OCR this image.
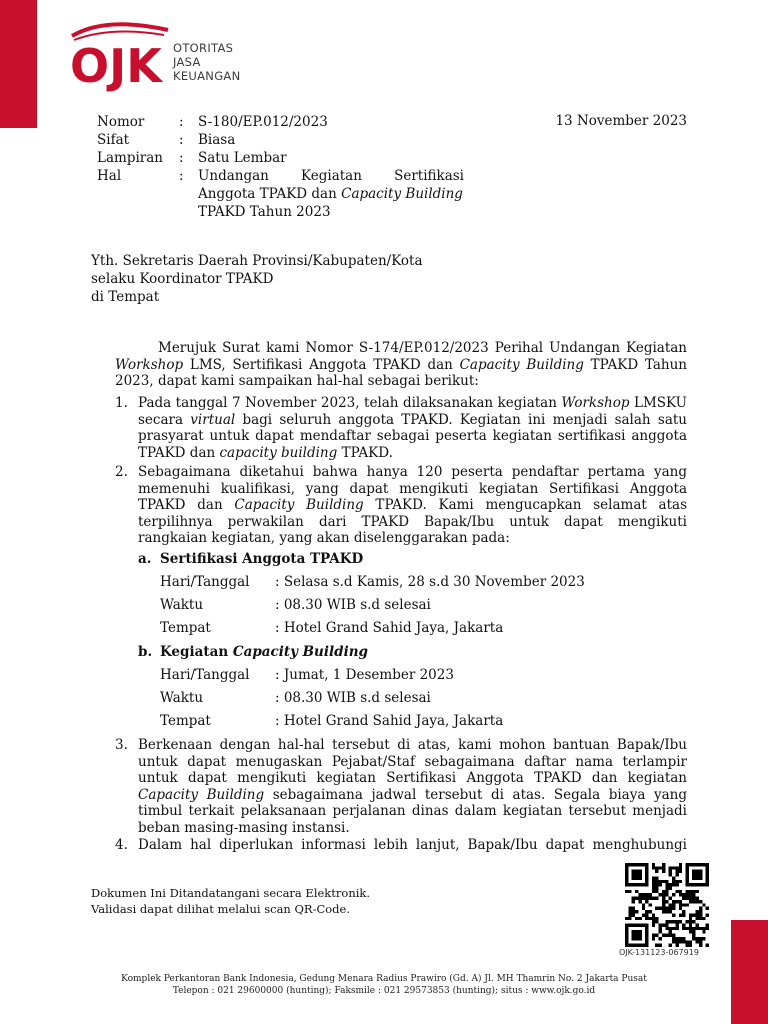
OJK OTORITAS
JASA
KEUANGAN
Nomor	: S-180/EP.012/2023
Sifat	: Biasa
Lampiran	: Satu Lembar
Hal	: Undangan Kegiatan Sertifikasi
Anggota TPAKD dan Capacity Building
TPAKD Tahun 2023
13 November 2023
Yth. Sekretaris Daerah Provinsi/Kabupaten/Kota
selaku Koordinator TPAKD
di Tempat
Merujuk Surat kami Nomor S-174/EP.012/2023 Perihal Undangan Kegiatan
Workshop LMS, Sertifikasi Anggota TPAKD dan Capacity Building TPAKD Tahun
2023, dapat kami sampaikan hal-hal sebagai berikut:
1. Pada tanggal 7 November 2023, telah dilaksanakan kegiatan Workshop LMSKU
secara virtual bagi seluruh anggota TPAKD. Kegiatan ini menjadi salah satu
prasyarat untuk dapat mendaftar sebagai peserta kegiatan sertifikasi anggota
TPAKD dan capacity building TPAKD.
2. Sebagaimana diketahui bahwa hanya 120 peserta pendaftar pertama yang
memenuhi kualifikasi, yang dapat mengikuti kegiatan Sertifikasi Anggota
TPAKD dan Capacity Building TPAKD. Kami mengucapkan selamat atas
terpilihnya perwakilan dari TPAKD Bapak/Ibu untuk dapat mengikuti
rangkaian kegiatan, yang akan diselenggarakan pada:
a. Sertifikasi Anggota TPAKD
Hari/Tanggal	: Selasa s.d Kamis, 28 s.d 30 November 2023
Waktu	: 08.30 WIB s.d selesai
Tempat	: Hotel Grand Sahid Jaya, Jakarta
b. Kegiatan Capacity Building
Hari/Tanggal	: Jumat, 1 Desember 2023
Waktu	: 08.30 WIB s.d selesai
Tempat	: Hotel Grand Sahid Jaya, Jakarta
3. Berkenaan dengan hal-hal tersebut di atas, kami mohon bantuan Bapak/Ibu
untuk dapat menugaskan Pejabat/Staf sebagaimana daftar nama terlampir
untuk dapat mengikuti kegiatan Sertifikasi Anggota TPAKD dan kegiatan
Capacity Building sebagaimana jadwal tersebut di atas. Segala biaya yang
timbul terkait pelaksanaan perjalanan dinas dalam kegiatan tersebut menjadi
beban masing-masing instansi.
4. Dalam hal diperlukan informasi lebih lanjut, Bapak/Ibu dapat menghubungi
Dokumen Ini Ditandatangani secara Elektronik.
Validasi dapat dilihat melalui scan QR-Code.
OJK-131123-067919
Komplek Perkantoran Bank Indonesia, Gedung Menara Radius Prawiro (Gd. A) Jl. MH Thamrin No. 2 Jakarta Pusat
Telepon : 021 29600000 (hunting); Faksmile : 021 29573853 (hunting); situs : www.ojk.go.id
